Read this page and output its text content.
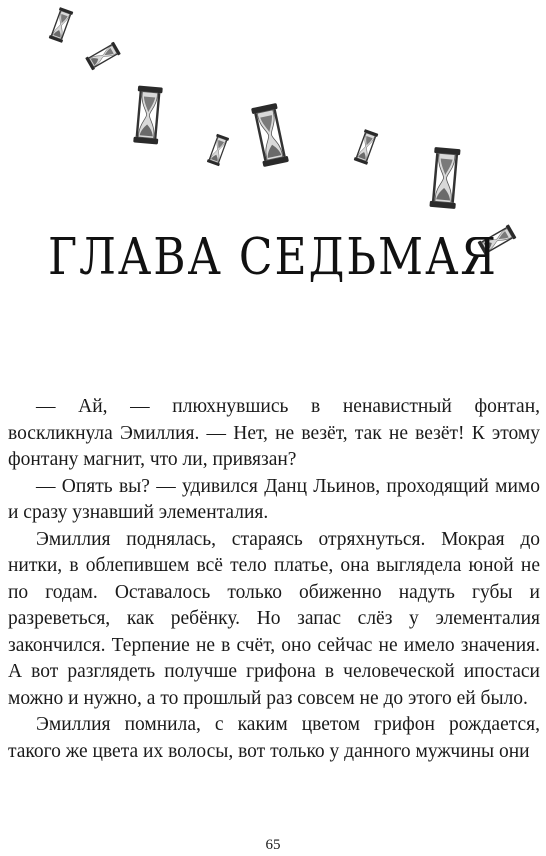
ГЛАВА СЕДЬМАЯ

— Ай, — плюхнувшись в ненавистный фонтан, воскликнула Эмиллия. — Нет, не везёт, так не везёт! К этому фонтану магнит, что ли, привязан?

— Опять вы? — удивился Данц Льинов, проходящий мимо и сразу узнавший элементалия.

Эмиллия поднялась, стараясь отряхнуться. Мокрая до нитки, в облепившем всё тело платье, она выглядела юной не по годам. Оставалось только обиженно надуть губы и разреветься, как ребёнку. Но запас слёз у элементалия закончился. Терпение не в счёт, оно сейчас не имело значения. А вот разглядеть получше грифона в человеческой ипостаси можно и нужно, а то прошлый раз совсем не до этого ей было.

Эмиллия помнила, с каким цветом грифон рождается, такого же цвета их волосы, вот только у данного мужчины они

65
